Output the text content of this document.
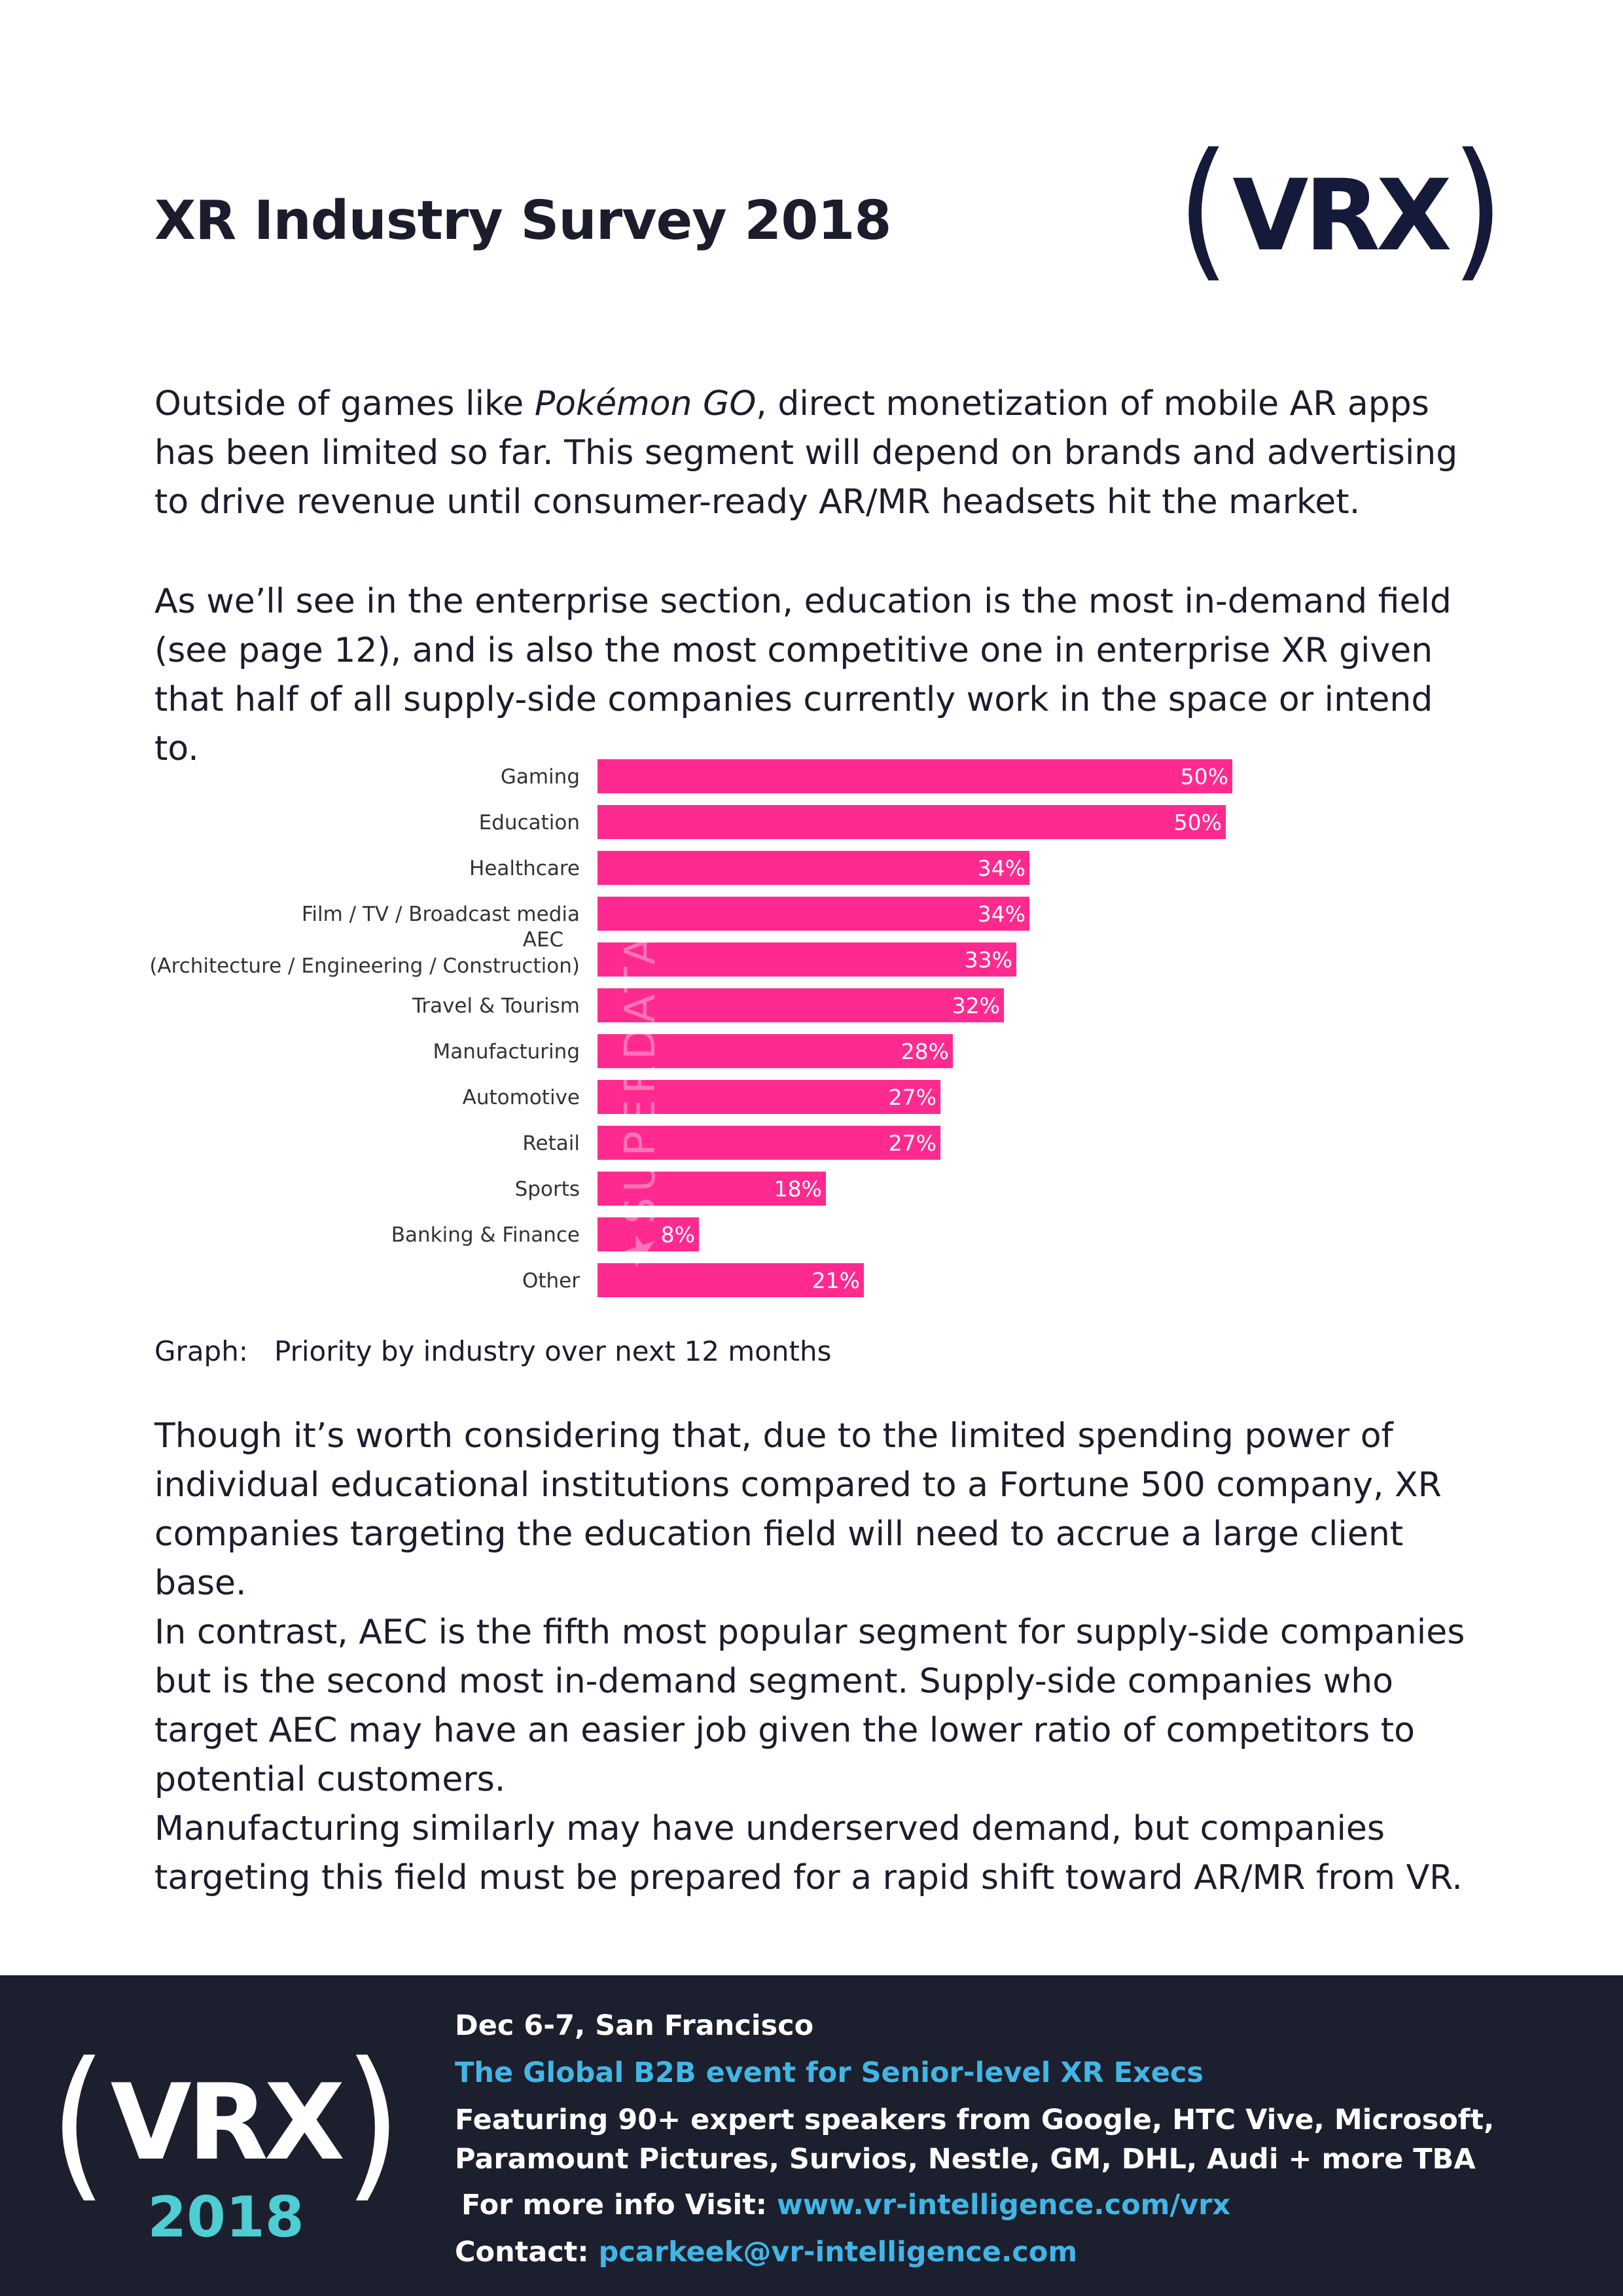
XR Industry Survey 2018 ( VRX )

Outside of games like Pokémon GO, direct monetization of mobile AR apps has been limited so far. This segment will depend on brands and advertising to drive revenue until consumer-ready AR/MR headsets hit the market.

As we’ll see in the enterprise section, education is the most in-demand field (see page 12), and is also the most competitive one in enterprise XR given that half of all supply-side companies currently work in the space or intend to.

50%
Gaming
50%
Education
34%
Healthcare
34%
Film / TV / Broadcast media
33%
AEC
(Architecture / Engineering / Construction)
32%
Travel & Tourism
28%
Manufacturing
27%
Automotive
27%
Retail
18%
Sports
8%
Banking & Finance
21%
Other
SUPERDATA
★
Graph: Priority by industry over next 12 months

Though it’s worth considering that, due to the limited spending power of individual educational institutions compared to a Fortune 500 company, XR companies targeting the education field will need to accrue a large client base.

In contrast, AEC is the fifth most popular segment for supply-side companies but is the second most in-demand segment. Supply-side companies who target AEC may have an easier job given the lower ratio of competitors to potential customers.

Manufacturing similarly may have underserved demand, but companies targeting this field must be prepared for a rapid shift toward AR/MR from VR.

( VRX )
2018
Dec 6-7, San Francisco
The Global B2B event for Senior-level XR Execs
Featuring 90+ expert speakers from Google, HTC Vive, Microsoft,
Paramount Pictures, Survios, Nestle, GM, DHL, Audi + more TBA
For more info Visit: www.vr-intelligence.com/vrx
Contact: pcarkeek@vr-intelligence.com
